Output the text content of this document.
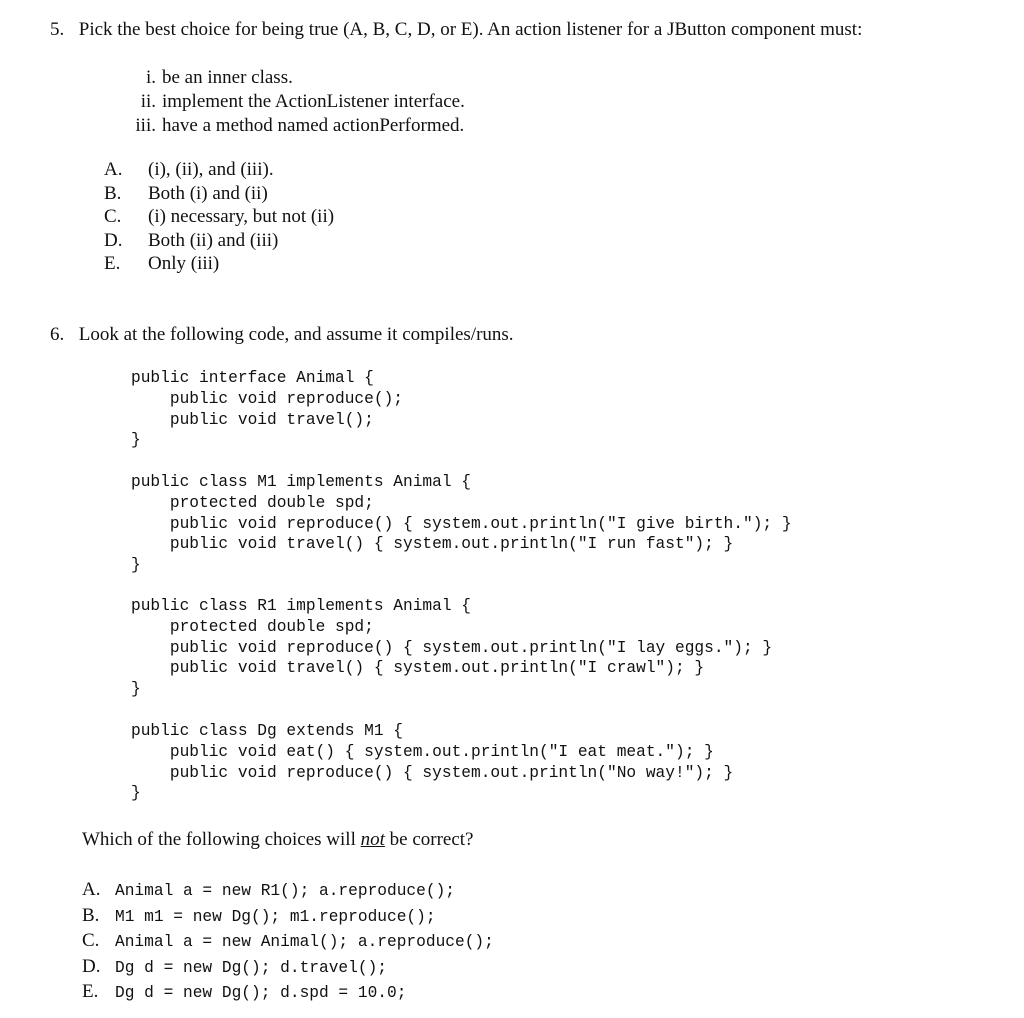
5. Pick the best choice for being true (A, B, C, D, or E). An action listener for a JButton component must:
i. be an inner class.
ii. implement the ActionListener interface.
iii. have a method named actionPerformed.
A. (i), (ii), and (iii).
B. Both (i) and (ii)
C. (i) necessary, but not (ii)
D. Both (ii) and (iii)
E. Only (iii)
6. Look at the following code, and assume it compiles/runs.
public interface Animal {
public void reproduce();
public void travel();
}
public class M1 implements Animal {
protected double spd;
public void reproduce() { system.out.println("I give birth."); }
public void travel() { system.out.println("I run fast"); }
}
public class R1 implements Animal {
protected double spd;
public void reproduce() { system.out.println("I lay eggs."); }
public void travel() { system.out.println("I crawl"); }
}
public class Dg extends M1 {
public void eat() { system.out.println("I eat meat."); }
public void reproduce() { system.out.println("No way!"); }
}
Which of the following choices will not be correct?
A. Animal a = new R1(); a.reproduce();
B. M1 m1 = new Dg(); m1.reproduce();
C. Animal a = new Animal(); a.reproduce();
D. Dg d = new Dg(); d.travel();
E. Dg d = new Dg(); d.spd = 10.0;
